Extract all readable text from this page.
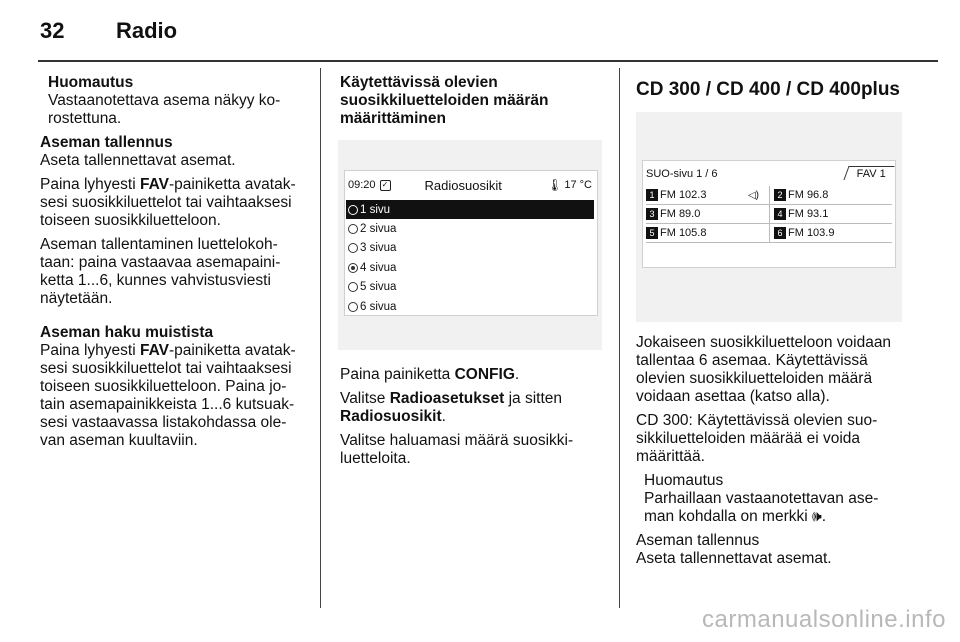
32	Radio

Huomautus

Vastaanotettava asema näkyy ko-rostettuna.

Aseman tallennus

Aseta tallennettavat asemat.

Paina lyhyesti FAV-painiketta avatak-sesi suosikkiluettelot tai vaihtaaksesi toiseen suosikkiluetteloon.

Aseman tallentaminen luettelokoh-taan: paina vastaavaa asemapaini-ketta 1...6, kunnes vahvistusviesti näytetään.

Aseman haku muistista

Paina lyhyesti FAV-painiketta avatak-sesi suosikkiluettelot tai vaihtaaksesi toiseen suosikkiluetteloon. Paina jo-tain asemapainikkeista 1...6 kutsuak-sesi vastaavassa listakohdassa ole-van aseman kuultaviin.

Käytettävissä olevien suosikkiluetteloiden määrän määrittäminen

09:20 ✓	Radiosuosikit	🌡 17 °C
1 sivu
2 sivua
3 sivua
4 sivua
5 sivua
6 sivua

Paina painiketta CONFIG.

Valitse Radioasetukset ja sitten Radiosuosikit.

Valitse haluamasi määrä suosikki-luetteloita.

CD 300 / CD 400 / CD 400plus

SUO-sivu 1 / 6	FAV 1
1 FM 102.3	◁)	2 FM 96.8
3 FM 89.0	4 FM 93.1
5 FM 105.8	6 FM 103.9

Jokaiseen suosikkiluetteloon voidaan tallentaa 6 asemaa. Käytettävissä olevien suosikkiluetteloiden määrä voidaan asettaa (katso alla).

CD 300: Käytettävissä olevien suo-sikkiluetteloiden määrää ei voida määrittää.

Huomautus

Parhaillaan vastaanotettavan ase-man kohdalla on merkki 🕪.

Aseman tallennus

Aseta tallennettavat asemat.

carmanualsonline.info
